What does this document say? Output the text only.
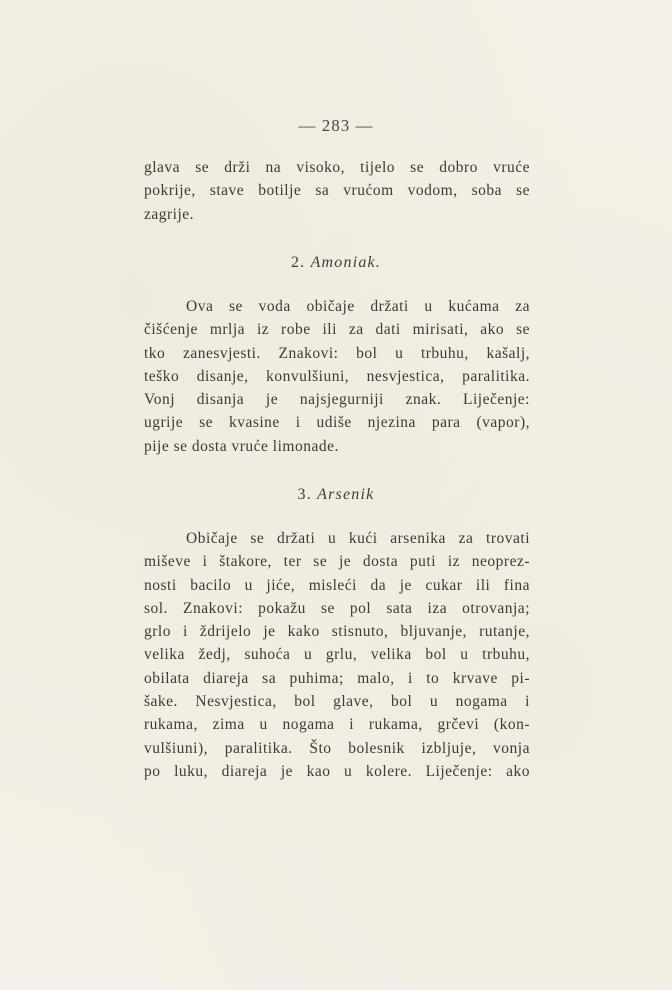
— 283 —
glava se drži na visoko, tijelo se dobro vruće
pokrije, stave botilje sa vrućom vodom, soba se
zagrije.
2. Amoniak.
Ova se voda običaje držati u kućama za
čišćenje mrlja iz robe ili za dati mirisati, ako se
tko zanesvjesti. Znakovi: bol u trbuhu, kašalj,
teško disanje, konvulšiuni, nesvjestica, paralitika.
Vonj disanja je najsjegurniji znak. Liječenje:
ugrije se kvasine i udiše njezina para (vapor),
pije se dosta vruće limonade.
3. Arsenik
Običaje se držati u kući arsenika za trovati
miševe i štakore, ter se je dosta puti iz neoprez-
nosti bacilo u jiće, misleći da je cukar ili fina
sol. Znakovi: pokažu se pol sata iza otrovanja;
grlo i ždrijelo je kako stisnuto, bljuvanje, rutanje,
velika žedj, suhoća u grlu, velika bol u trbuhu,
obilata diareja sa puhima; malo, i to krvave pi-
šake. Nesvjestica, bol glave, bol u nogama i
rukama, zima u nogama i rukama, grčevi (kon-
vulšiuni), paralitika. Što bolesnik izbljuje, vonja
po luku, diareja je kao u kolere. Liječenje: ako
